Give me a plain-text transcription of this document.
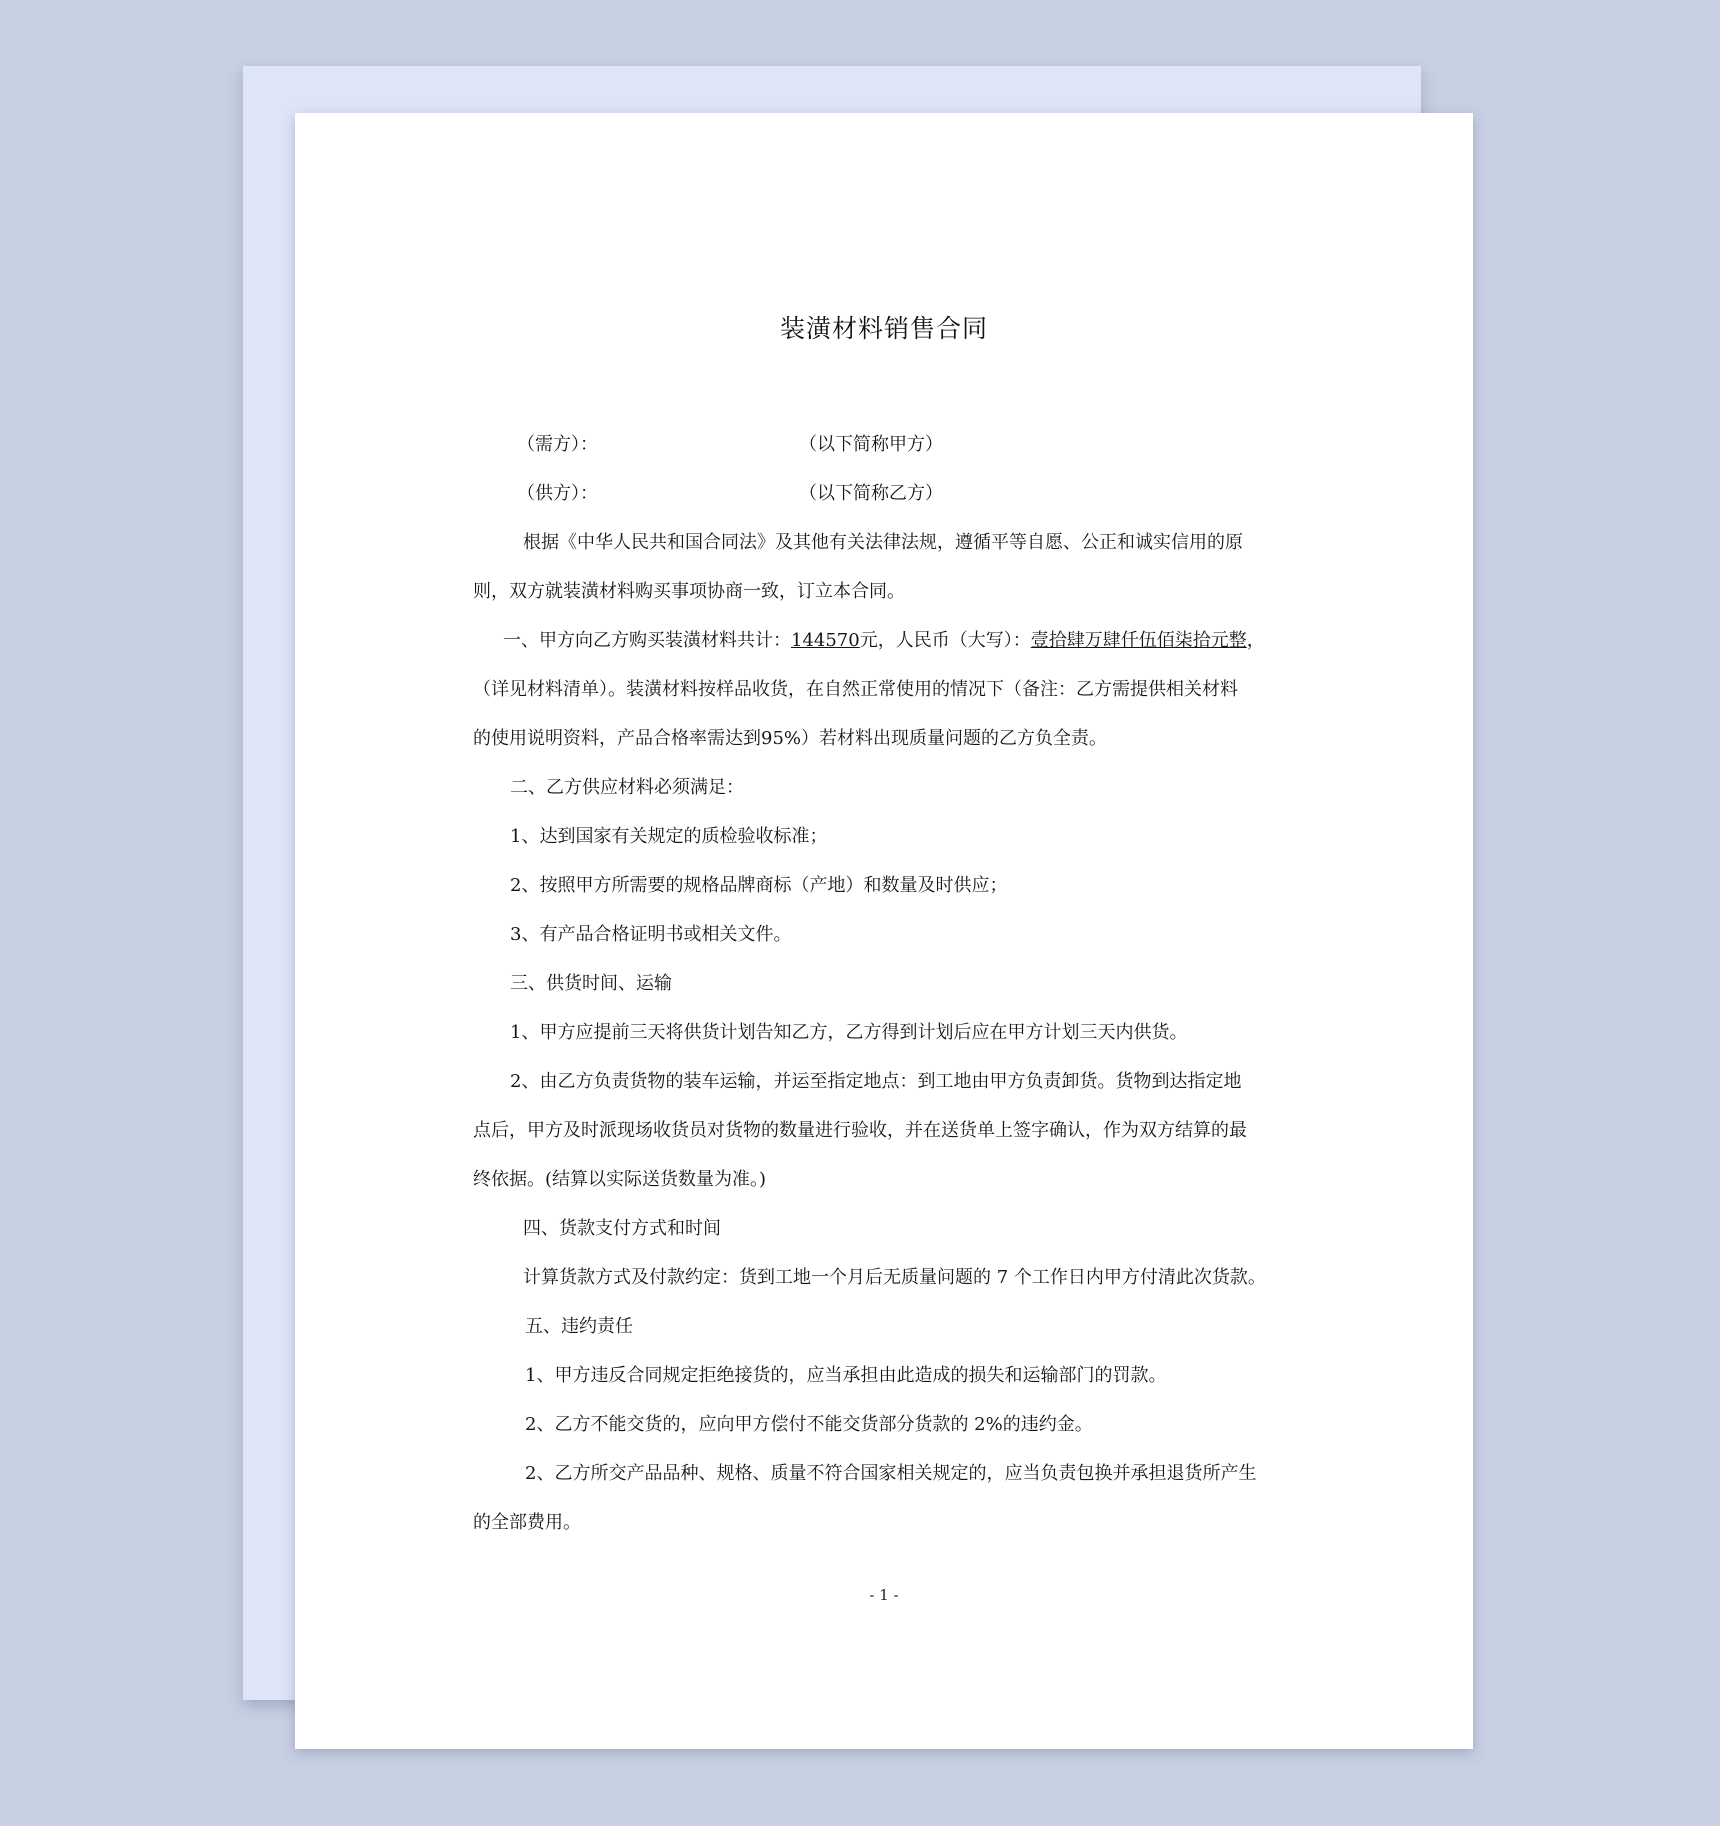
装潢材料销售合同
（需方）：	（以下简称甲方）
（供方）：	（以下简称乙方）
根据《中华人民共和国合同法》及其他有关法律法规，遵循平等自愿、公正和诚实信用的原
则，双方就装潢材料购买事项协商一致，订立本合同。
一、甲方向乙方购买装潢材料共计：144570元，人民币（大写）：壹拾肆万肆仟伍佰柒拾元整，
（详见材料清单）。装潢材料按样品收货，在自然正常使用的情况下（备注：乙方需提供相关材料
的使用说明资料，产品合格率需达到95%）若材料出现质量问题的乙方负全责。
二、乙方供应材料必须满足：
1、达到国家有关规定的质检验收标准；
2、按照甲方所需要的规格品牌商标（产地）和数量及时供应；
3、有产品合格证明书或相关文件。
三、供货时间、运输
1、甲方应提前三天将供货计划告知乙方，乙方得到计划后应在甲方计划三天内供货。
2、由乙方负责货物的装车运输，并运至指定地点：到工地由甲方负责卸货。货物到达指定地
点后，甲方及时派现场收货员对货物的数量进行验收，并在送货单上签字确认，作为双方结算的最
终依据。(结算以实际送货数量为准。)
四、货款支付方式和时间
计算货款方式及付款约定：货到工地一个月后无质量问题的 7 个工作日内甲方付清此次货款。
五、违约责任
1、甲方违反合同规定拒绝接货的，应当承担由此造成的损失和运输部门的罚款。
2、乙方不能交货的，应向甲方偿付不能交货部分货款的 2%的违约金。
2、乙方所交产品品种、规格、质量不符合国家相关规定的，应当负责包换并承担退货所产生
的全部费用。
- 1 -
